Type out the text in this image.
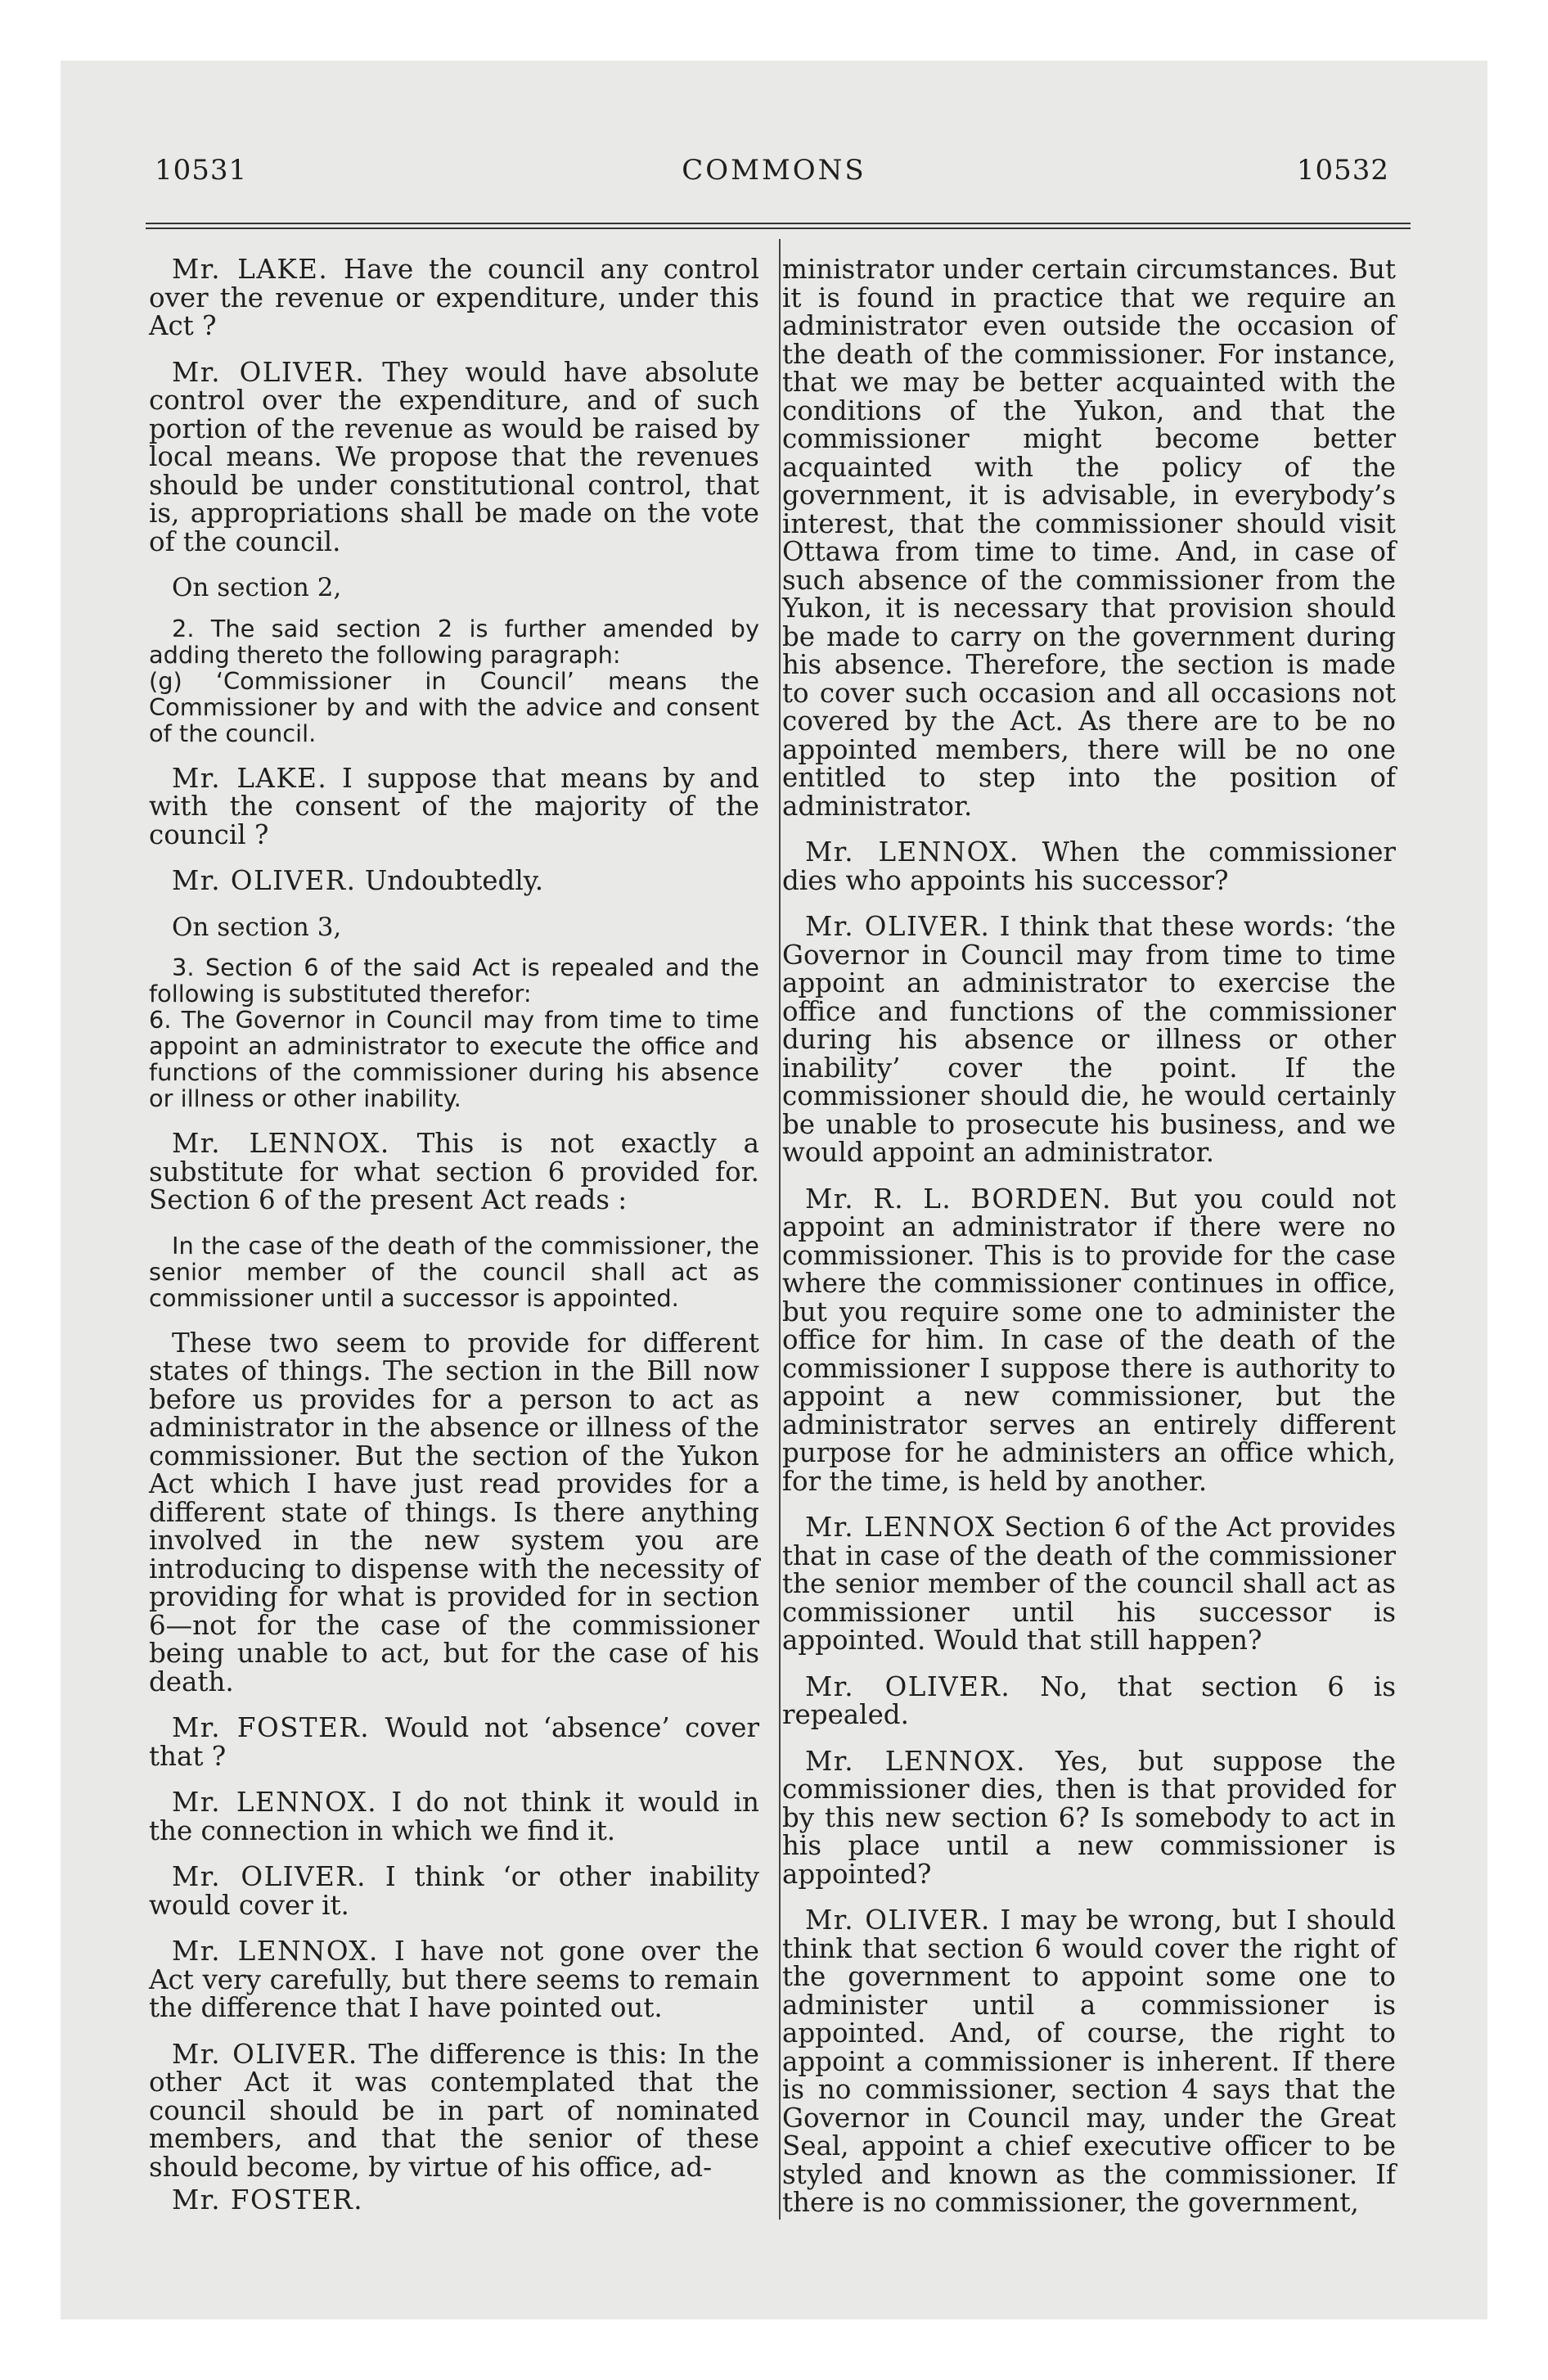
10531	COMMONS	10532

Mr. LAKE. Have the council any control over the revenue or expenditure, under this Act ?

Mr. OLIVER. They would have absolute control over the expenditure, and of such portion of the revenue as would be raised by local means. We propose that the revenues should be under constitutional control, that is, appropriations shall be made on the vote of the council.

On section 2,

2. The said section 2 is further amended by adding thereto the following paragraph:
(g) ‘Commissioner in Council’ means the Commissioner by and with the advice and consent of the council.

Mr. LAKE. I suppose that means by and with the consent of the majority of the council ?

Mr. OLIVER. Undoubtedly.

On section 3,

3. Section 6 of the said Act is repealed and the following is substituted therefor:
6. The Governor in Council may from time to time appoint an administrator to execute the office and functions of the commissioner during his absence or illness or other inability.

Mr. LENNOX. This is not exactly a substitute for what section 6 provided for. Section 6 of the present Act reads :

In the case of the death of the commissioner, the senior member of the council shall act as commissioner until a successor is appointed.

These two seem to provide for different states of things. The section in the Bill now before us provides for a person to act as administrator in the absence or illness of the commissioner. But the section of the Yukon Act which I have just read provides for a different state of things. Is there anything involved in the new system you are introducing to dispense with the necessity of providing for what is provided for in section 6—not for the case of the commissioner being unable to act, but for the case of his death.

Mr. FOSTER. Would not ‘absence’ cover that ?

Mr. LENNOX. I do not think it would in the connection in which we find it.

Mr. OLIVER. I think ‘or other inability would cover it.

Mr. LENNOX. I have not gone over the Act very carefully, but there seems to remain the difference that I have pointed out.

Mr. OLIVER. The difference is this: In the other Act it was contemplated that the council should be in part of nominated members, and that the senior of these should become, by virtue of his office, ad-

Mr. FOSTER.

ministrator under certain circumstances. But it is found in practice that we require an administrator even outside the occasion of the death of the commissioner. For instance, that we may be better acquainted with the conditions of the Yukon, and that the commissioner might become better acquainted with the policy of the government, it is advisable, in everybody’s interest, that the commissioner should visit Ottawa from time to time. And, in case of such absence of the commissioner from the Yukon, it is necessary that provision should be made to carry on the government during his absence. Therefore, the section is made to cover such occasion and all occasions not covered by the Act. As there are to be no appointed members, there will be no one entitled to step into the position of administrator.

Mr. LENNOX. When the commissioner dies who appoints his successor?

Mr. OLIVER. I think that these words: ‘the Governor in Council may from time to time appoint an administrator to exercise the office and functions of the commissioner during his absence or illness or other inability’ cover the point. If the commissioner should die, he would certainly be unable to prosecute his business, and we would appoint an administrator.

Mr. R. L. BORDEN. But you could not appoint an administrator if there were no commissioner. This is to provide for the case where the commissioner continues in office, but you require some one to administer the office for him. In case of the death of the commissioner I suppose there is authority to appoint a new commissioner, but the administrator serves an entirely different purpose for he administers an office which, for the time, is held by another.

Mr. LENNOX Section 6 of the Act provides that in case of the death of the commissioner the senior member of the council shall act as commissioner until his successor is appointed. Would that still happen?

Mr. OLIVER. No, that section 6 is repealed.

Mr. LENNOX. Yes, but suppose the commissioner dies, then is that provided for by this new section 6? Is somebody to act in his place until a new commissioner is appointed?

Mr. OLIVER. I may be wrong, but I should think that section 6 would cover the right of the government to appoint some one to administer until a commissioner is appointed. And, of course, the right to appoint a commissioner is inherent. If there is no commissioner, section 4 says that the Governor in Council may, under the Great Seal, appoint a chief executive officer to be styled and known as the commissioner. If there is no commissioner, the government,
